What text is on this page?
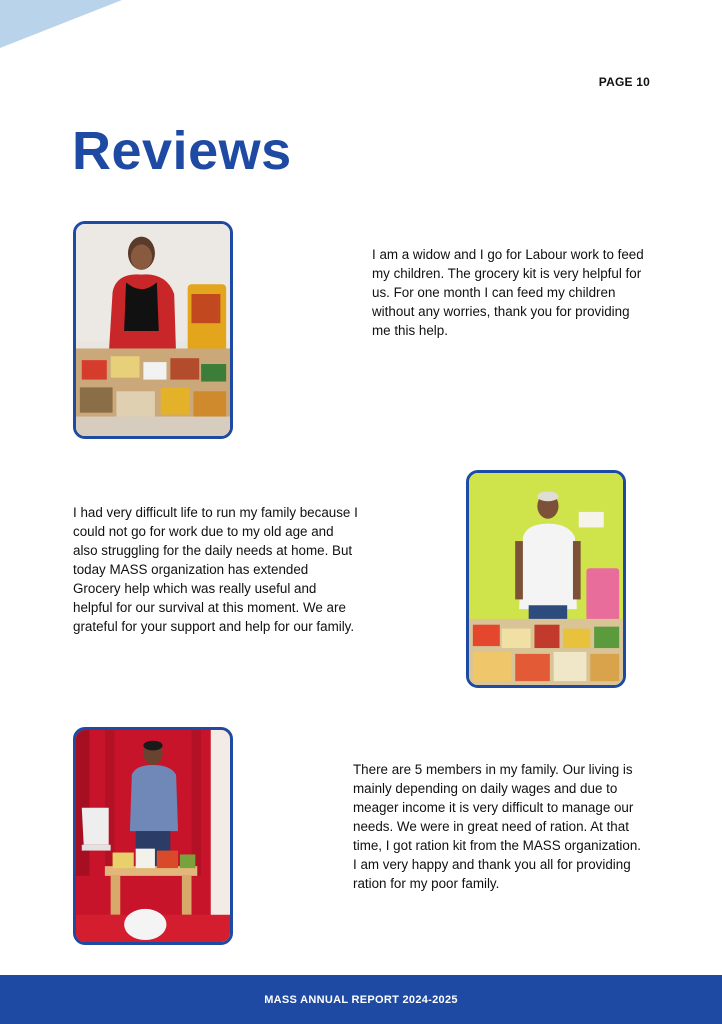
PAGE 10
Reviews

I am a widow and I go for Labour work to feed my children. The grocery kit is very helpful for us. For one month I can feed my children without any worries, thank you for providing me this help.

I had very difficult life to run my family because I could not go for work due to my old age and also struggling for the daily needs at home. But today MASS organization has extended Grocery help which was really useful and helpful for our survival at this moment. We are grateful for your support and help for our family.

There are 5 members in my family. Our living is mainly depending on daily wages and due to meager income it is very difficult to manage our needs. We were in great need of ration. At that time, I got ration kit from the MASS organization. I am very happy and thank you all for providing ration for my poor family.

MASS ANNUAL REPORT 2024-2025
